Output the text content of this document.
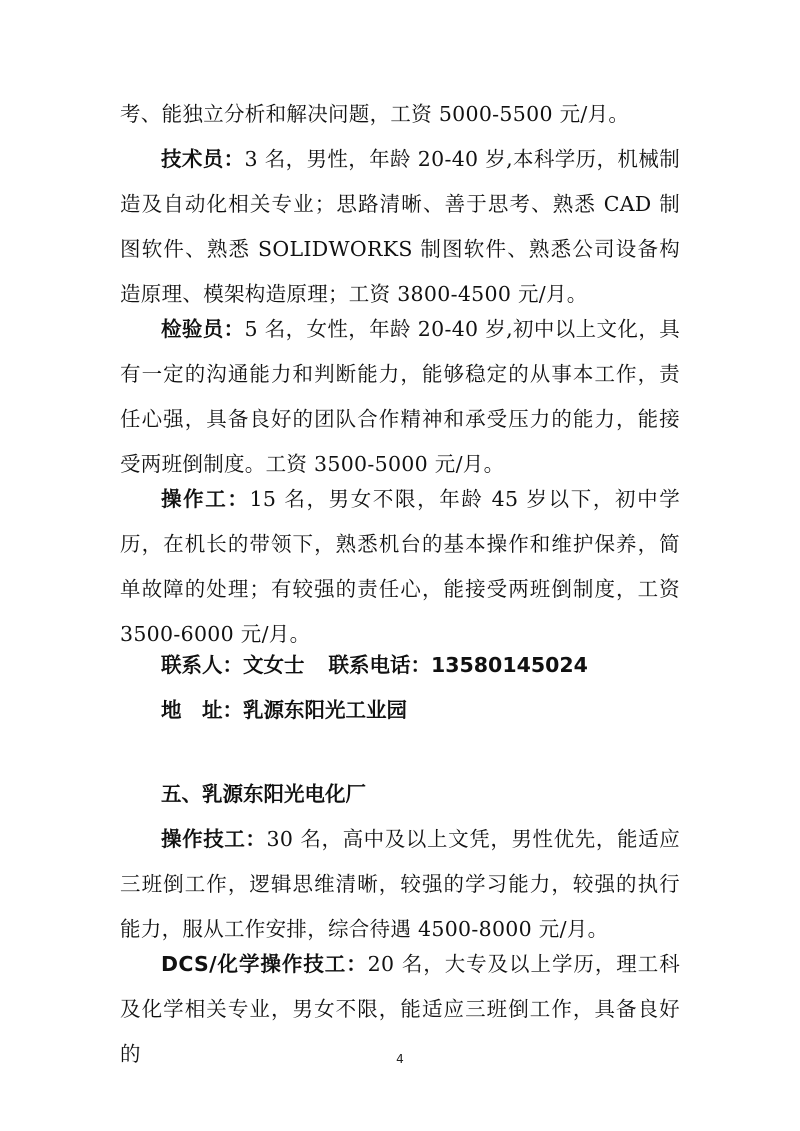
考、能独立分析和解决问题，工资 5000-5500 元/月。
技术员：3 名，男性，年龄 20-40 岁,本科学历，机械制造及自动化相关专业；思路清晰、善于思考、熟悉 CAD 制图软件、熟悉 SOLIDWORKS 制图软件、熟悉公司设备构造原理、模架构造原理；工资 3800-4500 元/月。
检验员：5 名，女性，年龄 20-40 岁,初中以上文化，具有一定的沟通能力和判断能力，能够稳定的从事本工作，责任心强，具备良好的团队合作精神和承受压力的能力，能接受两班倒制度。工资 3500-5000 元/月。
操作工：15 名，男女不限，年龄 45 岁以下，初中学历，在机长的带领下，熟悉机台的基本操作和维护保养，简单故障的处理；有较强的责任心，能接受两班倒制度，工资 3500-6000 元/月。
联系人：文女士 联系电话：13580145024
地　址：乳源东阳光工业园
五、乳源东阳光电化厂
操作技工：30 名，高中及以上文凭，男性优先，能适应三班倒工作，逻辑思维清晰，较强的学习能力，较强的执行能力，服从工作安排，综合待遇 4500-8000 元/月。
DCS/化学操作技工：20 名，大专及以上学历，理工科及化学相关专业，男女不限，能适应三班倒工作，具备良好的	4
